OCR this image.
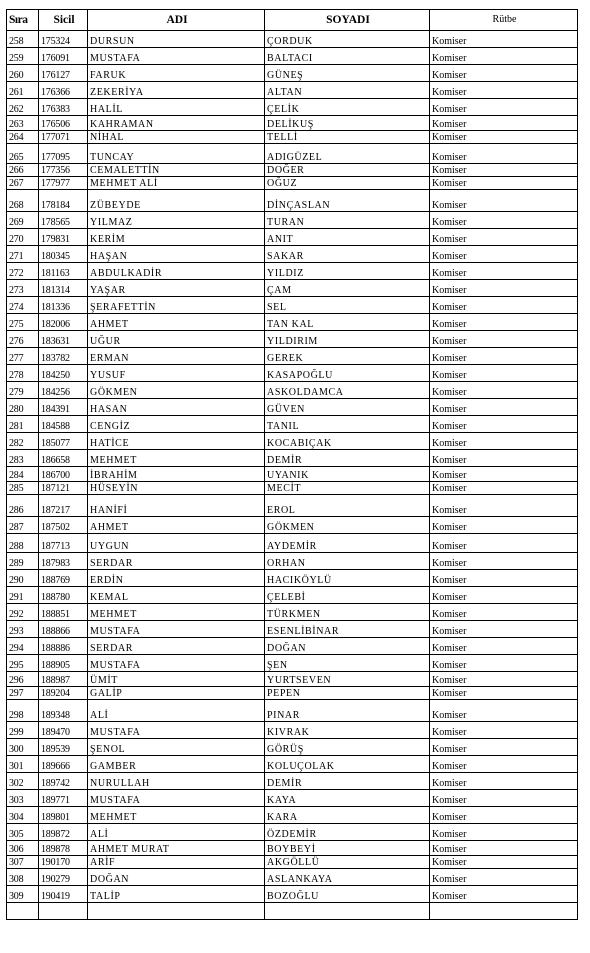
Sıra	Sicil	ADI	SOYADI	Rütbe
258	175324	DURSUN	ÇORDUK	Komiser
259	176091	MUSTAFA	BALTACI	Komiser
260	176127	FARUK	GÜNEŞ	Komiser
261	176366	ZEKERİYA	ALTAN	Komiser
262	176383	HALİL	ÇELİK	Komiser
263	176506	KAHRAMAN	DELİKUŞ	Komiser
264	177071	NİHAL	TELLİ	Komiser
265	177095	TUNCAY	ADIGÜZEL	Komiser
266	177356	CEMALETTİN	DOĞER	Komiser
267	177977	MEHMET ALİ	OĞUZ	Komiser
268	178184	ZÜBEYDE	DİNÇASLAN	Komiser
269	178565	YILMAZ	TURAN	Komiser
270	179831	KERİM	ANIT	Komiser
271	180345	HAŞAN	SAKAR	Komiser
272	181163	ABDULKADİR	YILDIZ	Komiser
273	181314	YAŞAR	ÇAM	Komiser
274	181336	ŞERAFETTİN	SEL	Komiser
275	182006	AHMET	TAN KAL	Komiser
276	183631	UĞUR	YILDIRIM	Komiser
277	183782	ERMAN	GEREK	Komiser
278	184250	YUSUF	KASAPOĞLU	Komiser
279	184256	GÖKMEN	ASKOLDAMCA	Komiser
280	184391	HASAN	GÜVEN	Komiser
281	184588	CENGİZ	TANIL	Komiser
282	185077	HATİCE	KOCABIÇAK	Komiser
283	186658	MEHMET	DEMİR	Komiser
284	186700	İBRAHİM	UYANIK	Komiser
285	187121	HÜSEYİN	MECİT	Komiser
286	187217	HANİFİ	EROL	Komiser
287	187502	AHMET	GÖKMEN	Komiser
288	187713	UYGUN	AYDEMİR	Komiser
289	187983	SERDAR	ORHAN	Komiser
290	188769	ERDİN	HACIKÖYLÜ	Komiser
291	188780	KEMAL	ÇELEBİ	Komiser
292	188851	MEHMET	TÜRKMEN	Komiser
293	188866	MUSTAFA	ESENLİBİNAR	Komiser
294	188886	SERDAR	DOĞAN	Komiser
295	188905	MUSTAFA	ŞEN	Komiser
296	188987	ÜMİT	YURTSEVEN	Komiser
297	189204	GALİP	PEPEN	Komiser
298	189348	ALİ	PINAR	Komiser
299	189470	MUSTAFA	KIVRAK	Komiser
300	189539	ŞENOL	GÖRÜŞ	Komiser
301	189666	GAMBER	KOLUÇOLAK	Komiser
302	189742	NURULLAH	DEMİR	Komiser
303	189771	MUSTAFA	KAYA	Komiser
304	189801	MEHMET	KARA	Komiser
305	189872	ALİ	ÖZDEMİR	Komiser
306	189878	AHMET MURAT	BOYBEYİ	Komiser
307	190170	ARİF	AKGÖLLÜ	Komiser
308	190279	DOĞAN	ASLANKAYA	Komiser
309	190419	TALİP	BOZOĞLU	Komiser
